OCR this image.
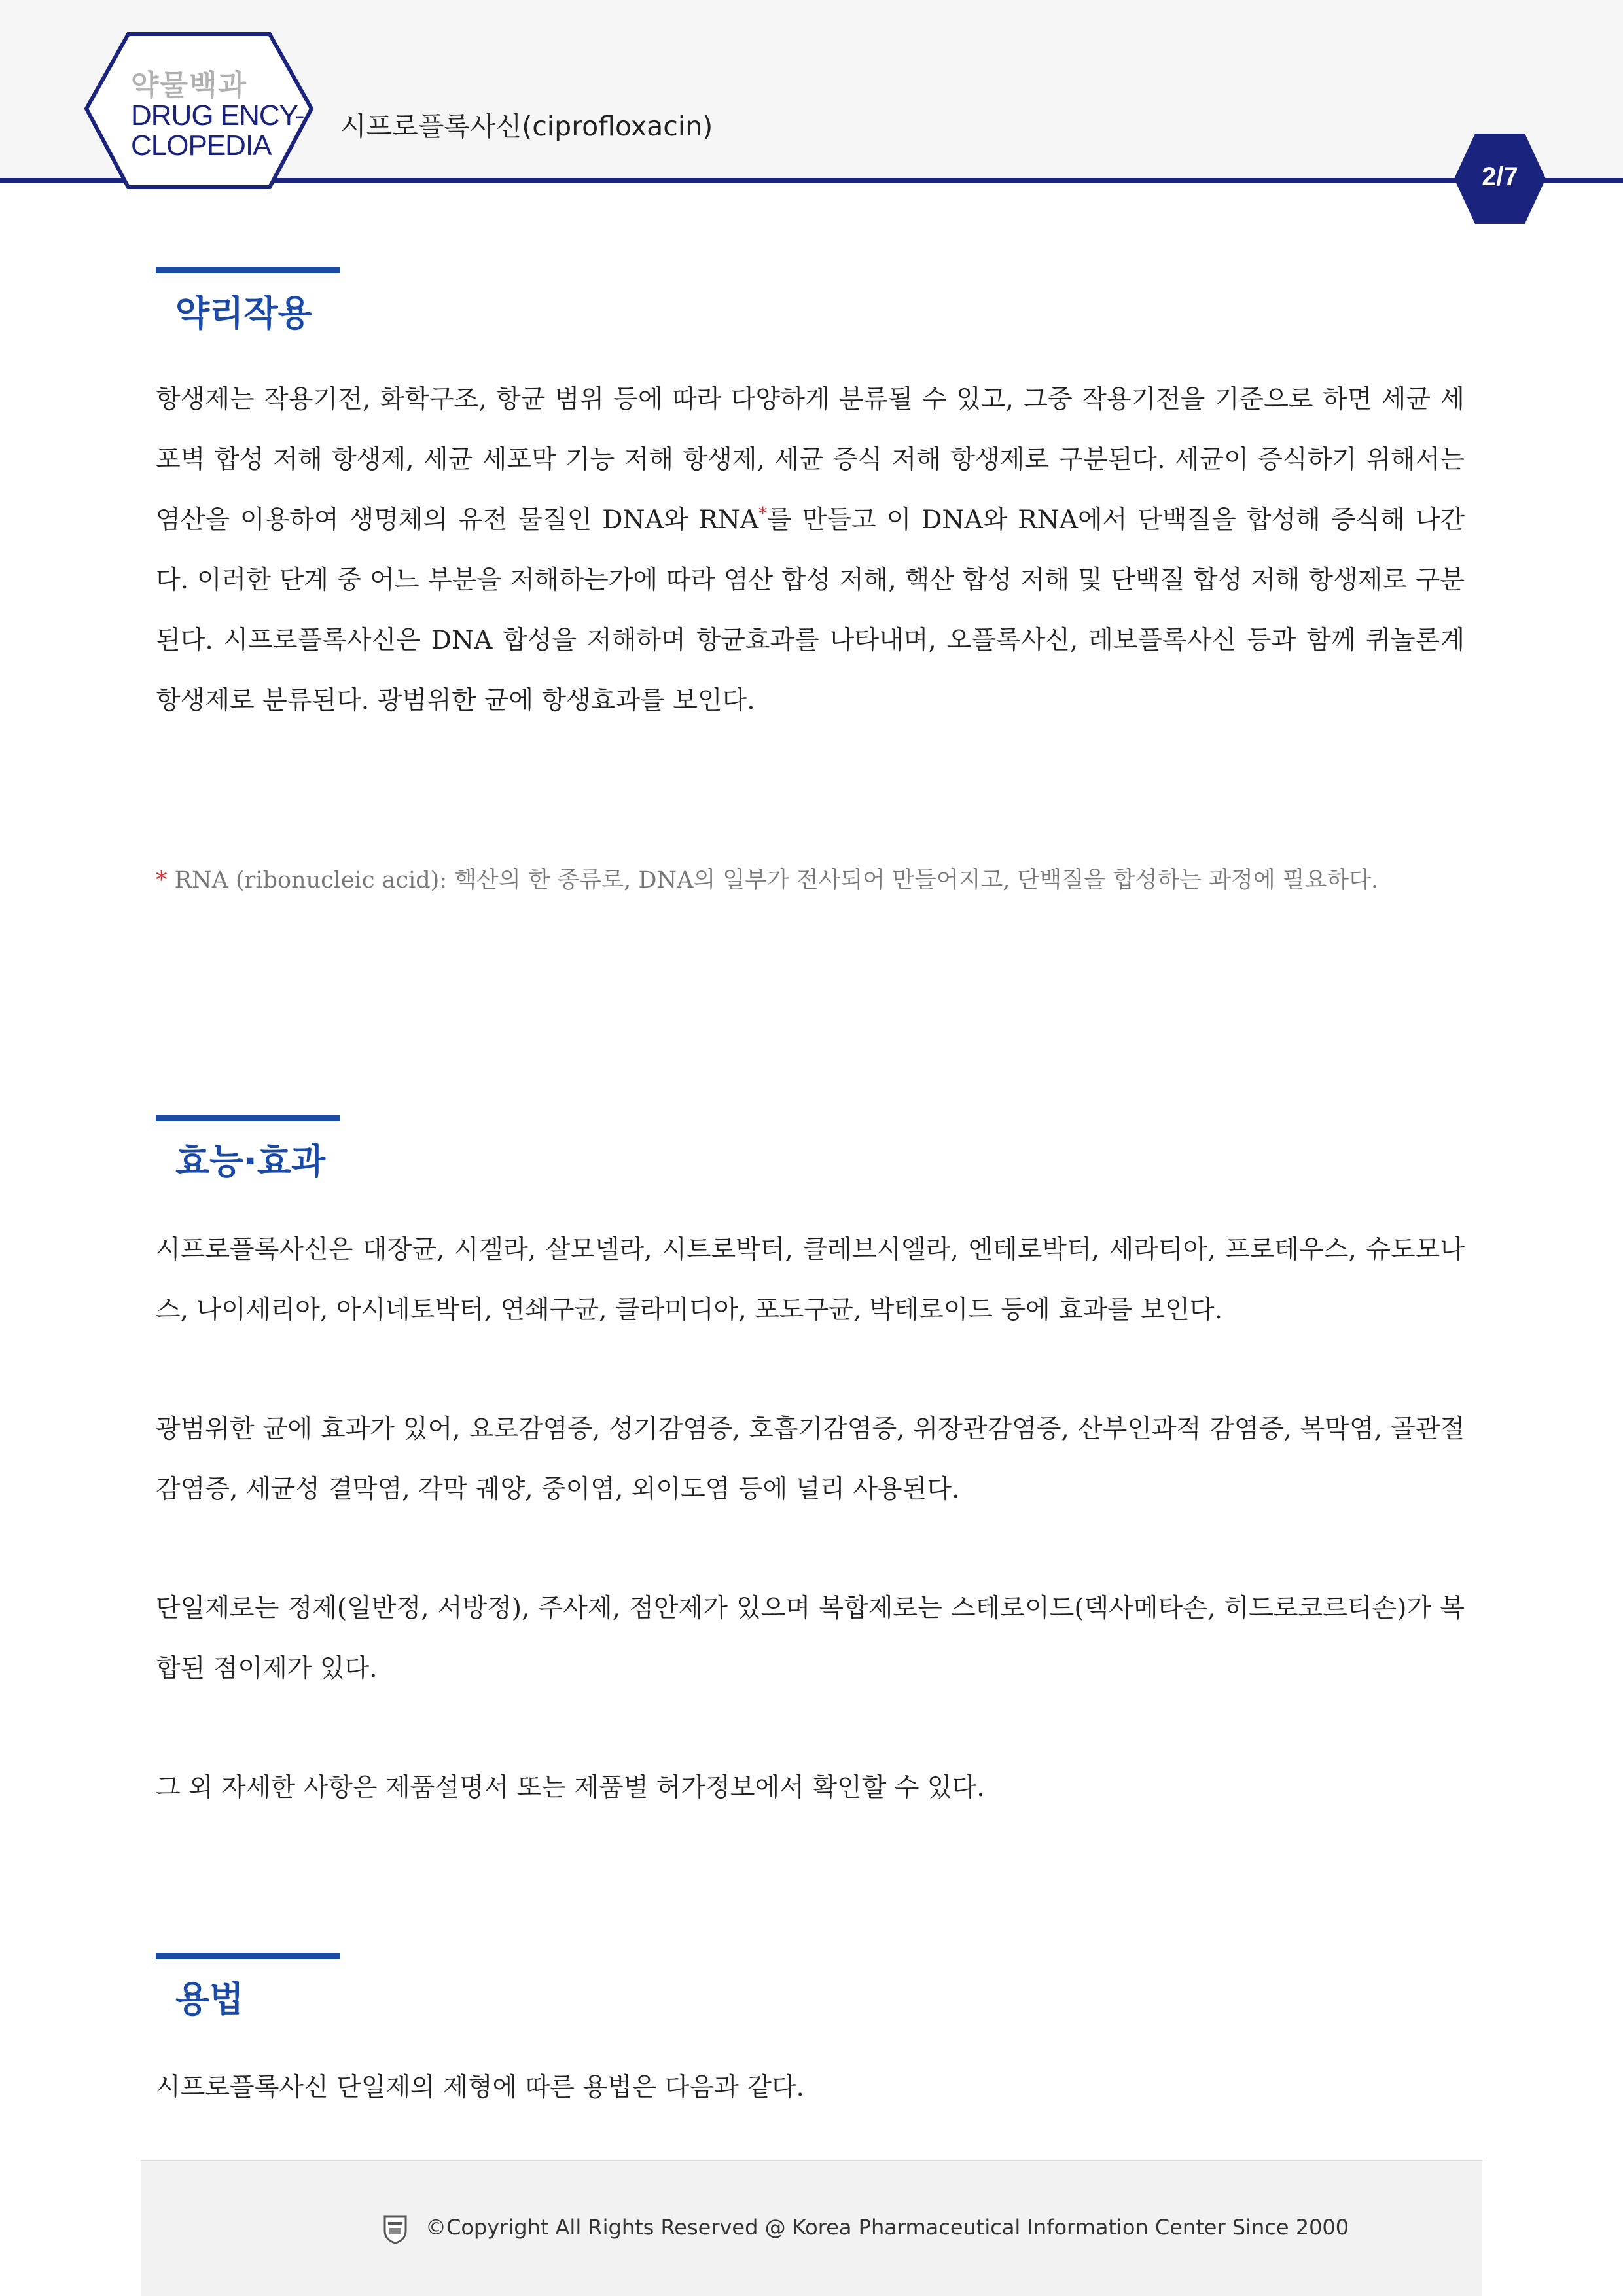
약물백과
DRUG ENCY-
CLOPEDIA
시프로플록사신(ciprofloxacin)
2/7
약리작용
항생제는 작용기전, 화학구조, 항균 범위 등에 따라 다양하게 분류될 수 있고, 그중 작용기전을 기준으로 하면 세균 세포벽 합성 저해 항생제, 세균 세포막 기능 저해 항생제, 세균 증식 저해 항생제로 구분된다. 세균이 증식하기 위해서는 염산을 이용하여 생명체의 유전 물질인 DNA와 RNA*를 만들고 이 DNA와 RNA에서 단백질을 합성해 증식해 나간다. 이러한 단계 중 어느 부분을 저해하는가에 따라 염산 합성 저해, 핵산 합성 저해 및 단백질 합성 저해 항생제로 구분된다. 시프로플록사신은 DNA 합성을 저해하며 항균효과를 나타내며, 오플록사신, 레보플록사신 등과 함께 퀴놀론계 항생제로 분류된다. 광범위한 균에 항생효과를 보인다.
* RNA (ribonucleic acid): 핵산의 한 종류로, DNA의 일부가 전사되어 만들어지고, 단백질을 합성하는 과정에 필요하다.
효능·효과
시프로플록사신은 대장균, 시겔라, 살모넬라, 시트로박터, 클레브시엘라, 엔테로박터, 세라티아, 프로테우스, 슈도모나스, 나이세리아, 아시네토박터, 연쇄구균, 클라미디아, 포도구균, 박테로이드 등에 효과를 보인다.
광범위한 균에 효과가 있어, 요로감염증, 성기감염증, 호흡기감염증, 위장관감염증, 산부인과적 감염증, 복막염, 골관절감염증, 세균성 결막염, 각막 궤양, 중이염, 외이도염 등에 널리 사용된다.
단일제로는 정제(일반정, 서방정), 주사제, 점안제가 있으며 복합제로는 스테로이드(덱사메타손, 히드로코르티손)가 복합된 점이제가 있다.
그 외 자세한 사항은 제품설명서 또는 제품별 허가정보에서 확인할 수 있다.
용법
시프로플록사신 단일제의 제형에 따른 용법은 다음과 같다.
©Copyright All Rights Reserved @ Korea Pharmaceutical Information Center Since 2000
